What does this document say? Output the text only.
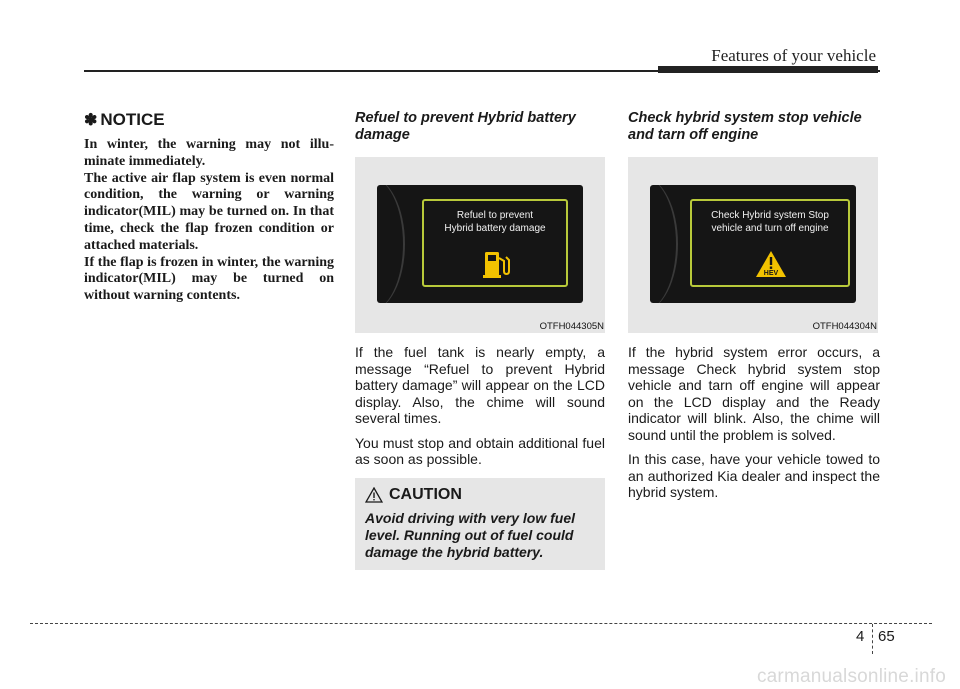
Features of your vehicle
✽ NOTICE

In winter, the warning may not illu-minate immediately.

The active air flap system is even normal condition, the warning or warning indicator(MIL) may be turned on. In that time, check the flap frozen condition or attached materials.

If the flap is frozen in winter, the warning indicator(MIL) may be turned on without warning contents.

Refuel to prevent Hybrid battery damage
Refuel to prevent
Hybrid battery damage
OTFH044305N

If the fuel tank is nearly empty, a message “Refuel to prevent Hybrid battery damage” will appear on the LCD display. Also, the chime will sound several times.

You must stop and obtain additional fuel as soon as possible.

CAUTION
Avoid driving with very low fuel level. Running out of fuel could damage the hybrid battery.
Check hybrid system stop vehicle and tarn off engine
Check Hybrid system Stop
vehicle and turn off engine
HEV
OTFH044304N

If the hybrid system error occurs, a message Check hybrid system stop vehicle and tarn off engine will appear on the LCD display and the Ready indicator will blink. Also, the chime will sound until the problem is solved.

In this case, have your vehicle towed to an authorized Kia dealer and inspect the hybrid system.

4 65
carmanualsonline.info
